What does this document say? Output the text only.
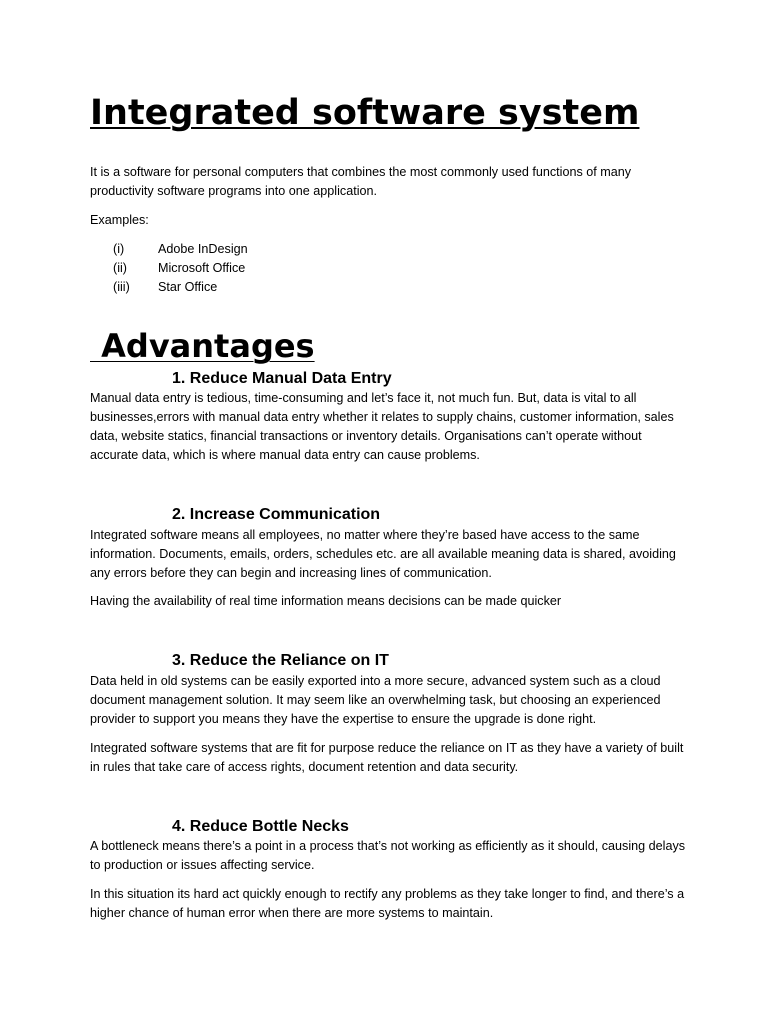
Integrated software system

It is a software for personal computers that combines the most commonly used functions of many productivity software programs into one application.

Examples:

(i)	Adobe InDesign
(ii)	Microsoft Office
(iii)	Star Office
Advantages
1. Reduce Manual Data Entry

Manual data entry is tedious, time-consuming and let’s face it, not much fun. But, data is vital to all businesses,errors with manual data entry whether it relates to supply chains, customer information, sales data, website statics, financial transactions or inventory details. Organisations can’t operate without accurate data, which is where manual data entry can cause problems.

2. Increase Communication

Integrated software means all employees, no matter where they’re based have access to the same information. Documents, emails, orders, schedules etc. are all available meaning data is shared, avoiding any errors before they can begin and increasing lines of communication.

Having the availability of real time information means decisions can be made quicker

3. Reduce the Reliance on IT

Data held in old systems can be easily exported into a more secure, advanced system such as a cloud document management solution. It may seem like an overwhelming task, but choosing an experienced provider to support you means they have the expertise to ensure the upgrade is done right.

Integrated software systems that are fit for purpose reduce the reliance on IT as they have a variety of built in rules that take care of access rights, document retention and data security.

4. Reduce Bottle Necks

A bottleneck means there’s a point in a process that’s not working as efficiently as it should, causing delays to production or issues affecting service.

In this situation its hard act quickly enough to rectify any problems as they take longer to find, and there’s a higher chance of human error when there are more systems to maintain.
